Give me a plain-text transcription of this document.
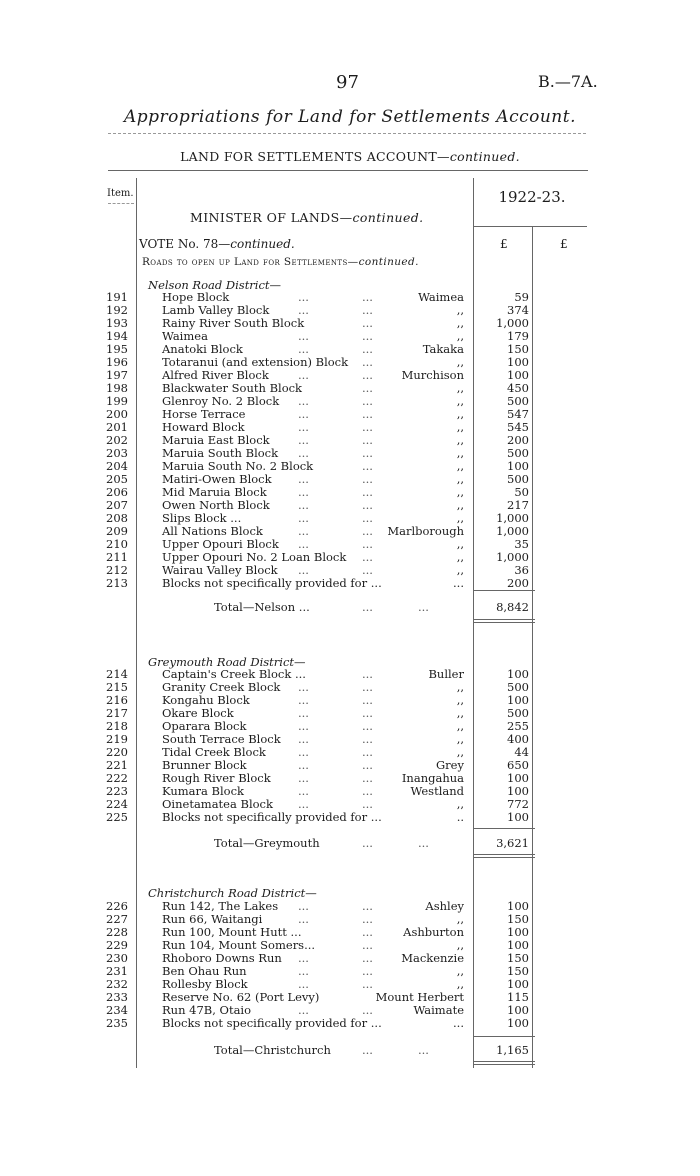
97	B.—7A.
Appropriations for Land for Settlements Account.
LAND FOR SETTLEMENTS ACCOUNT—continued.
Item.	1922-23.
MINISTER OF LANDS—continued.
VOTE No. 78—continued.	£	£
Roads to open up Land for Settlements—continued.
Nelson Road District—
191	Hope Block	...	...	Waimea	59
192	Lamb Valley Block ...	...	,,	374
193	Rainy River South Block	...	,,	1,000
194	Waimea	...	...	,,	179
195	Anatoki Block	...	...	Takaka	150
196	Totaranui (and extension) Block ...	,,	100
197	Alfred River Block	...	...	Murchison	100
198	Blackwater South Block	...	,,	450
199	Glenroy No. 2 Block ...	...	,,	500
200	Horse Terrace	...	...	,,	547
201	Howard Block	...	...	,,	545
202	Maruia East Block ...	...	,,	200
203	Maruia South Block ...	...	,,	500
204	Maruia South No. 2 Block	...	,,	100
205	Matiri-Owen Block ...	...	,,	500
206	Mid Maruia Block	...	...	,,	50
207	Owen North Block ...	...	,,	217
208	Slips Block ...	...	...	,,	1,000
209	All Nations Block	...	...	Marlborough	1,000
210	Upper Opouri Block ...	...	,,	35
211	Upper Opouri No. 2 Loan Block ...	,,	1,000
212	Wairau Valley Block ...	...	,,	36
213	Blocks not specifically provided for ...	...	200
Total—Nelson ...	...	...	8,842
Greymouth Road District—
214	Captain's Creek Block ...	...	Buller	100
215	Granity Creek Block ...	...	,,	500
216	Kongahu Block	...	...	,,	100
217	Okare Block	...	...	,,	500
218	Oparara Block	...	...	,,	255
219	South Terrace Block ...	...	,,	400
220	Tidal Creek Block	...	...	,,	44
221	Brunner Block	...	...	Grey	650
222	Rough River Block ...	...	Inangahua	100
223	Kumara Block	...	...	Westland	100
224	Oinetamatea Block ...	...	,,	772
225	Blocks not specifically provided for ...	..	100
Total—Greymouth	...	...	3,621
Christchurch Road District—
226	Run 142, The Lakes ...	...	Ashley	100
227	Run 66, Waitangi	...	...	,,	150
228	Run 100, Mount Hutt ...	...	Ashburton	100
229	Run 104, Mount Somers...	...	,,	100
230	Rhoboro Downs Run ...	...	Mackenzie	150
231	Ben Ohau Run	...	...	,,	150
232	Rollesby Block	...	...	,,	100
233	Reserve No. 62 (Port Levy)	Mount Herbert	115
234	Run 47B, Otaio	...	...	Waimate	100
235	Blocks not specifically provided for ...	...	100
Total—Christchurch	...	...	1,165
